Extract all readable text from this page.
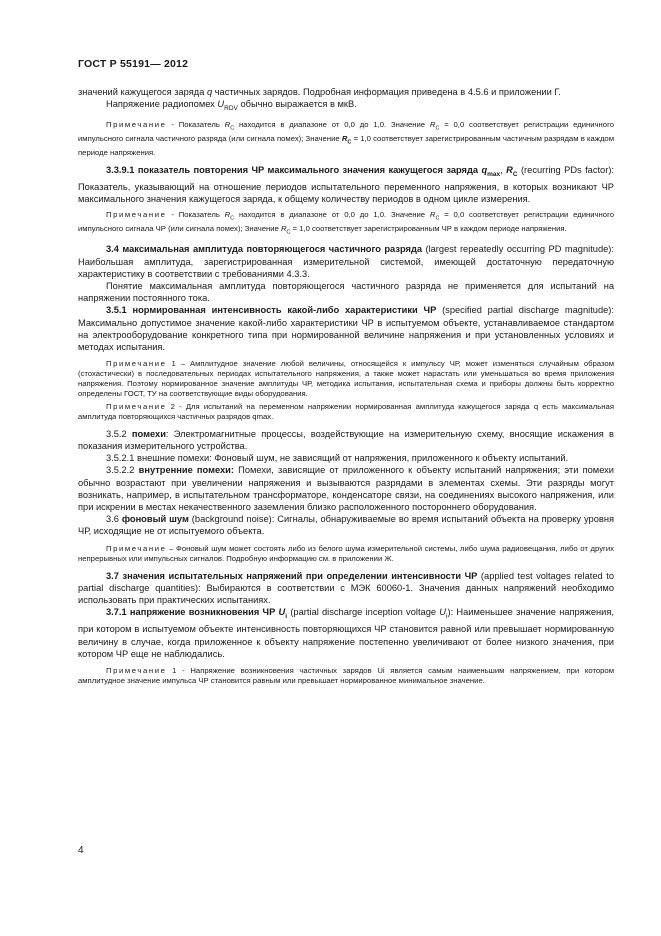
ГОСТ Р 55191— 2012

значений кажущегося заряда q частичных зарядов. Подробная информация приведена в 4.5.6 и приложении Г.

Напряжение радиопомех $U_{RDV}$ обычно выражается в мкВ.

Примечание - Показатель $R_C$ находится в диапазоне от 0,0 до 1,0. Значение $R_C = 0,0$ соответствует регистрации единичного импульсного сигнала частичного разряда (или сигнала помех); Значение $R_C = 1,0$ соответствует зарегистрированным частичным разрядам в каждом периоде напряжения.

3.3.9.1 показатель повторения ЧР максимального значения кажущегося заряда $q_{max}$, $R_C$ (recurring PDs factor): Показатель, указывающий на отношение периодов испытательного переменного напряжения, в которых возникают ЧР максимального значения кажущегося заряда, к общему количеству периодов в одном цикле измерения.

Примечание - Показатель $R_C$ находится в диапазоне от 0,0 до 1,0. Значение $R_C = 0,0$ соответствует регистрации единичного импульсного сигнала ЧР (или сигнала помех); Значение $R_C = 1,0$ соответствует зарегистрированным ЧР в каждом периоде напряжения.

3.4 максимальная амплитуда повторяющегося частичного разряда (largest repeatedly occurring PD magnitude): Наибольшая амплитуда, зарегистрированная измерительной системой, имеющей достаточную передаточную характеристику в соответствии с требованиями 4.3.3.

Понятие максимальная амплитуда повторяющегося частичного разряда не применяется для испытаний на напряжении постоянного тока.

3.5.1 нормированная интенсивность какой-либо характеристики ЧР (specified partial discharge magnitude): Максимально допустимое значение какой-либо характеристики ЧР в испытуемом объекте, устанавливаемое стандартом на электрооборудование конкретного типа при нормированной величине напряжения и при установленных условиях и методах испытания.

Примечание 1 – Амплитудное значение любой величины, относящейся к импульсу ЧР, может изменяться случайным образом (стохастически) в последовательных периодах испытательного напряжения, а также может нарастать или уменьшаться во время приложения напряжения. Поэтому нормированное значение амплитуды ЧР, методика испытания, испытательная схема и приборы должны быть корректно определены ГОСТ, ТУ на соответствующие виды оборудования.

Примечание 2 - Для испытаний на переменном напряжении нормированная амплитуда кажущегося заряда q есть максимальная амплитуда повторяющихся частичных разрядов qmax.

3.5.2 помехи: Электромагнитные процессы, воздействующие на измерительную схему, вносящие искажения в показания измерительного устройства.

3.5.2.1 внешние помехи: Фоновый шум, не зависящий от напряжения, приложенного к объекту испытаний.

3.5.2.2 внутренние помехи: Помехи, зависящие от приложенного к объекту испытаний напряжения; эти помехи обычно возрастают при увеличении напряжения и вызываются разрядами в элементах схемы. Эти разряды могут возникать, например, в испытательном трансформаторе, конденсаторе связи, на соединениях высокого напряжения, или при искрении в местах некачественного заземления близко расположенного постороннего оборудования.

3.6 фоновый шум (background noise): Сигналы, обнаруживаемые во время испытаний объекта на проверку уровня ЧР, исходящие не от испытуемого объекта.

Примечание – Фоновый шум может состоять либо из белого шума измерительной системы, либо шума радиовещания, либо от других непрерывных или импульсных сигналов. Подробную информацию см. в приложении Ж.

3.7 значения испытательных напряжений при определении интенсивности ЧР (applied test voltages related to partial discharge quantities): Выбираются в соответствии с МЭК 60060-1. Значения данных напряжений необходимо использовать при практических испытаниях.

3.7.1 напряжение возникновения ЧР $U_i$ (partial discharge inception voltage $U_i$): Наименьшее значение напряжения, при котором в испытуемом объекте интенсивность повторяющихся ЧР становится равной или превышает нормированную величину в случае, когда приложенное к объекту напряжение постепенно увеличивают от более низкого значения, при котором ЧР еще не наблюдались.

Примечание 1 - Напряжение возникновения частичных зарядов Ui является самым наименьшим напряжением, при котором амплитудное значение импульса ЧР становится равным или превышает нормированное минимальное значение.

4
